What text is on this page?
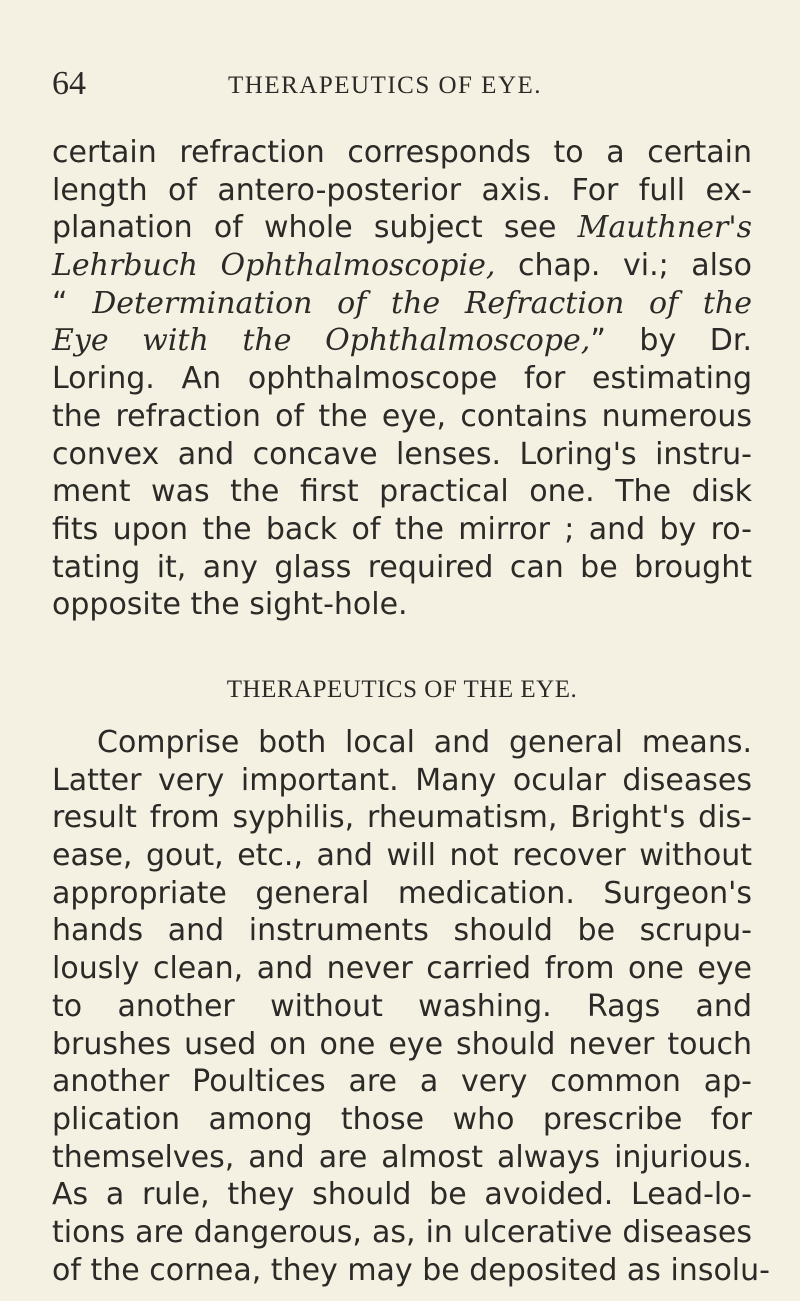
64	THERAPEUTICS OF EYE.
certain refraction corresponds to a certain
length of antero-posterior axis. For full ex-
planation of whole subject see Mauthner's
Lehrbuch Ophthalmoscopie, chap. vi.; also
“ Determination of the Refraction of the
Eye with the Ophthalmoscope,” by Dr.
Loring. An ophthalmoscope for estimating
the refraction of the eye, contains numerous
convex and concave lenses. Loring's instru-
ment was the first practical one. The disk
fits upon the back of the mirror ; and by ro-
tating it, any glass required can be brought
opposite the sight-hole.
THERAPEUTICS OF THE EYE.
Comprise both local and general means.
Latter very important. Many ocular diseases
result from syphilis, rheumatism, Bright's dis-
ease, gout, etc., and will not recover without
appropriate general medication. Surgeon's
hands and instruments should be scrupu-
lously clean, and never carried from one eye
to another without washing. Rags and
brushes used on one eye should never touch
another Poultices are a very common ap-
plication among those who prescribe for
themselves, and are almost always injurious.
As a rule, they should be avoided. Lead-lo-
tions are dangerous, as, in ulcerative diseases
of the cornea, they may be deposited as insolu-
